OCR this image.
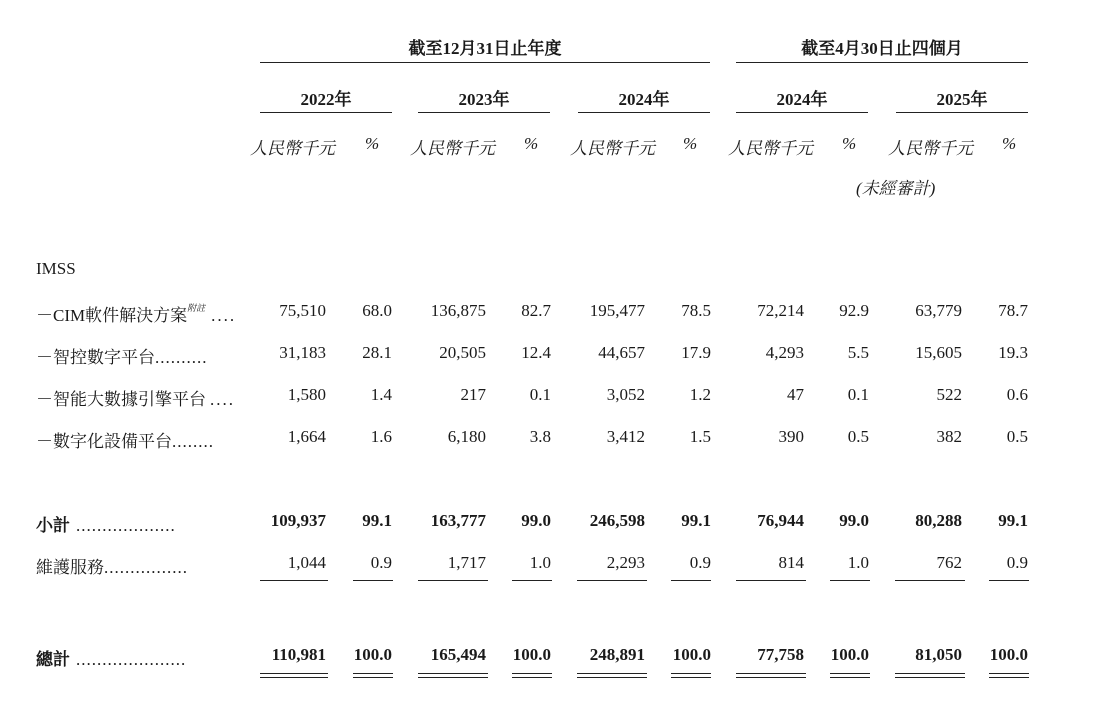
截至12月31日止年度	截至4月30日止四個月
2022年	2023年	2024年	2024年	2025年
人民幣千元 % 人民幣千元 % 人民幣千元 % 人民幣千元 % 人民幣千元 %
(未經審計)
IMSS
－CIM軟件解決方案$^{附註}$ ....	75,510	68.0	136,875	82.7	195,477	78.5	72,214	92.9	63,779	78.7
－智控數字平台..........	31,183	28.1	20,505	12.4	44,657	17.9	4,293	5.5	15,605	19.3
－智能大數據引擎平台 ....	1,580	1.4	217	0.1	3,052	1.2	47	0.1	522	0.6
－數字化設備平台........	1,664	1.6	6,180	3.8	3,412	1.5	390	0.5	382	0.5
小計 ...................	109,937	99.1	163,777	99.0	246,598	99.1	76,944	99.0	80,288	99.1
維護服務................	1,044	0.9	1,717	1.0	2,293	0.9	814	1.0	762	0.9
總計 .....................	110,981	100.0	165,494	100.0	248,891	100.0	77,758	100.0	81,050	100.0
